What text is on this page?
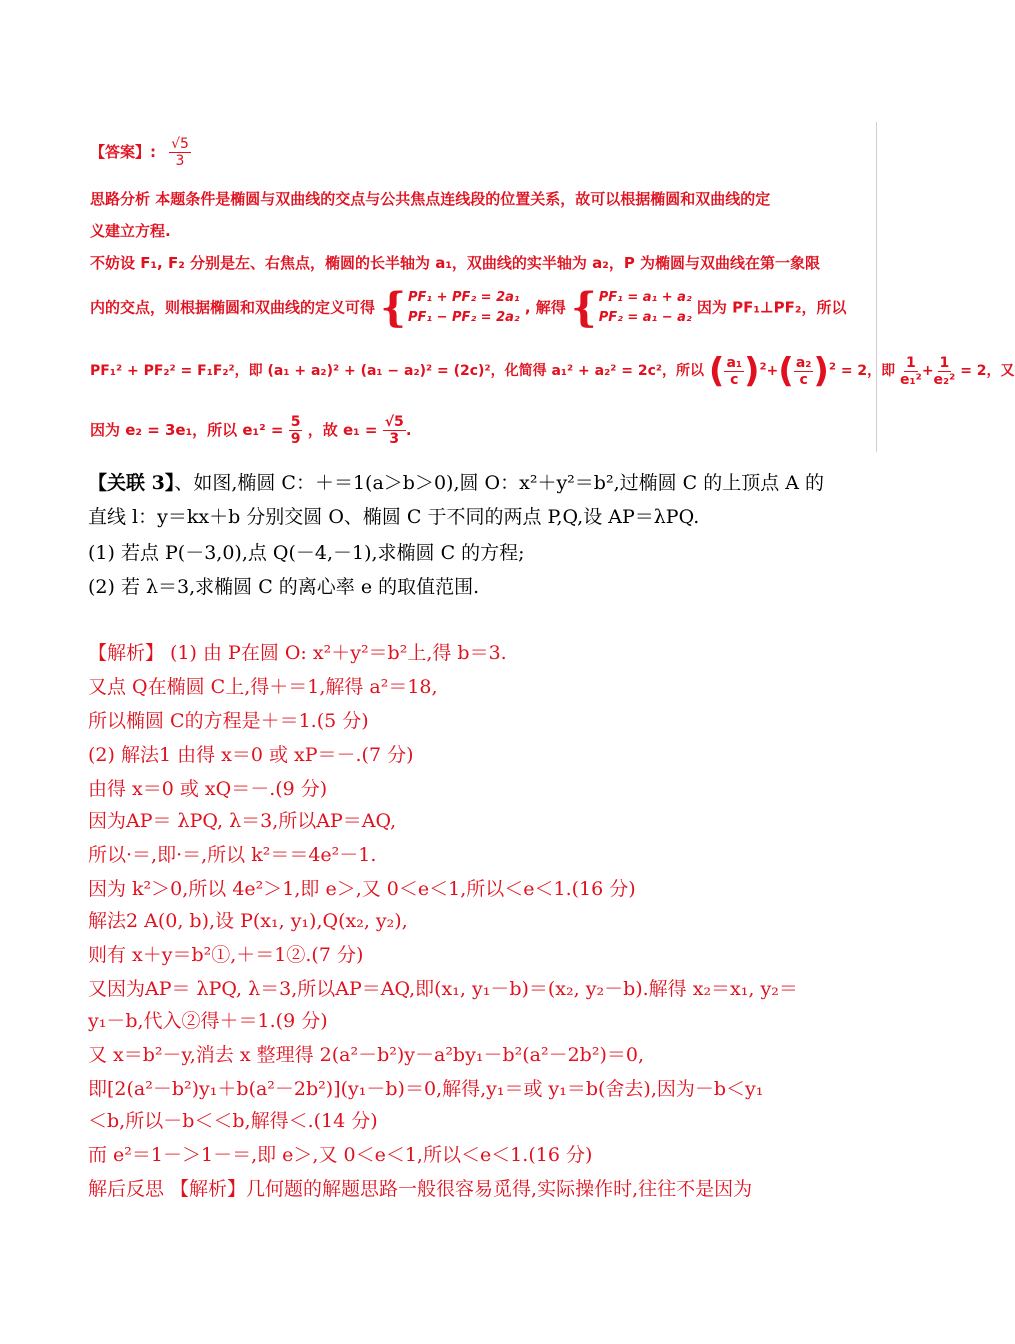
【答案】: $\frac{√5}{3}$
思路分析 本题条件是椭圆与双曲线的交点与公共焦点连线段的位置关系，故可以根据椭圆和双曲线的定
义建立方程.
不妨设 F₁, F₂ 分别是左、右焦点，椭圆的长半轴为 a₁，双曲线的实半轴为 a₂，P 为椭圆与双曲线在第一象限
内的交点，则根据椭圆和双曲线的定义可得 { PF₁ + PF₂ = 2a₁
PF₁ − PF₂ = 2a₂
, 解得 { PF₁ = a₁ + a₂
PF₂ = a₁ − a₂
因为 PF₁⊥PF₂，所以
PF₁² + PF₂² = F₁F₂²，即 (a₁ + a₂)² + (a₁ − a₂)² = (2c)²，化简得 a₁² + a₂² = 2c²，所以 ( $\frac{\text{a₁}}{c} )^2+( \frac{\text{a₂}}{c} )^2 = 2$，即 $\frac{1}{\text{e₁²}} + \frac{1}{\text{e₂²}} = 2$，又
因为 e₂ = 3e₁，所以 $e_1^2 = \frac{5}{9}$ ，故 $e_1 = \frac{√5}{3}$ .
【关联 3】、如图,椭圆 C：＋＝1(a＞b＞0),圆 O：x²＋y²＝b²,过椭圆 C 的上顶点 A 的
直线 l：y＝kx＋b 分别交圆 O、椭圆 C 于不同的两点 P,Q,设 AP＝λPQ.
(1) 若点 P(－3,0),点 Q(－4,－1),求椭圆 C 的方程;
(2) 若 λ＝3,求椭圆 C 的离心率 e 的取值范围.
【解析】 (1) 由 P在圆 O: x²＋y²＝b²上,得 b＝3.
又点 Q在椭圆 C上,得＋＝1,解得 a²＝18,
所以椭圆 C的方程是＋＝1.(5 分)
(2) 解法1 由得 x＝0 或 xP＝－.(7 分)
由得 x＝0 或 xQ＝－.(9 分)
因为AP＝ λPQ, λ＝3,所以AP＝AQ,
所以·＝,即·＝,所以 k²＝＝4e²－1.
因为 k²＞0,所以 4e²＞1,即 e＞,又 0＜e＜1,所以＜e＜1.(16 分)
解法2 A(0, b),设 P(x₁, y₁),Q(x₂, y₂),
则有 x＋y＝b²①,＋＝1②.(7 分)
又因为AP＝ λPQ, λ＝3,所以AP＝AQ,即(x₁, y₁－b)＝(x₂, y₂－b).解得 x₂＝x₁, y₂＝
y₁－b,代入②得＋＝1.(9 分)
又 x＝b²－y,消去 x 整理得 2(a²－b²)y－a²by₁－b²(a²－2b²)＝0,
即[2(a²－b²)y₁＋b(a²－2b²)](y₁－b)＝0,解得,y₁＝或 y₁＝b(舍去),因为－b＜y₁
＜b,所以－b＜＜b,解得＜.(14 分)
而 e²＝1－＞1－＝,即 e＞,又 0＜e＜1,所以＜e＜1.(16 分)
解后反思 【解析】几何题的解题思路一般很容易觅得,实际操作时,往往不是因为
